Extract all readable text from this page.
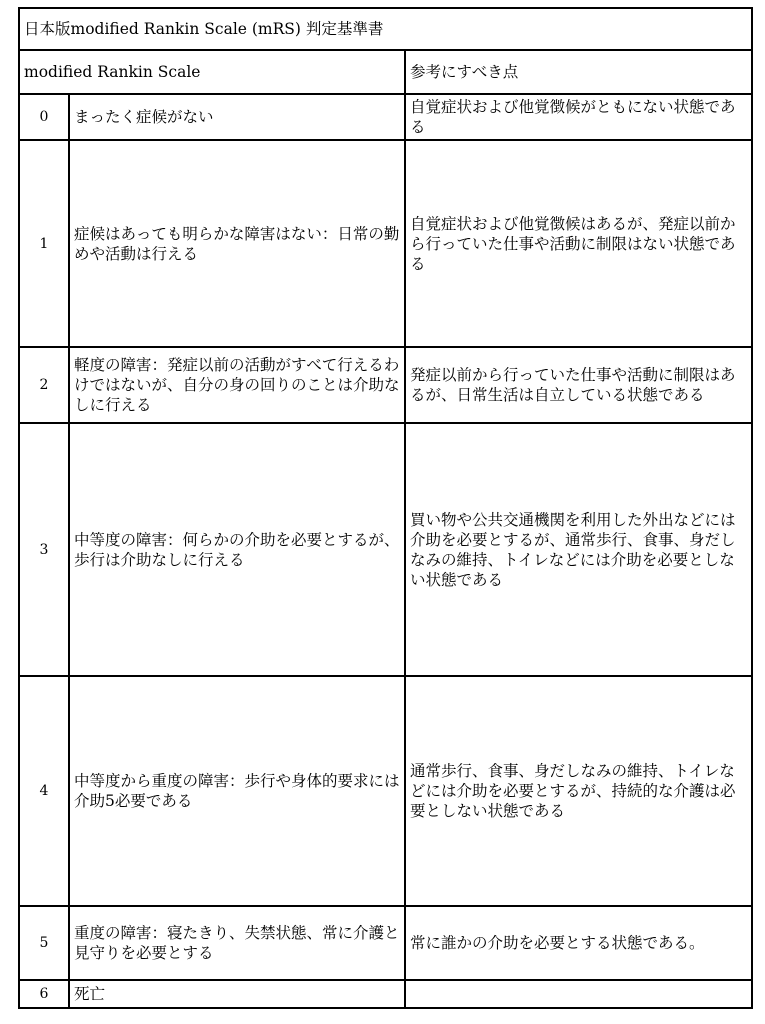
日本版modified Rankin Scale (mRS) 判定基準書		
modified Rankin Scale		参考にすべき点
0	まったく症候がない	自覚症状および他覚徴候がともにない状態である
1	症候はあっても明らかな障害はない：日常の勤めや活動は行える	自覚症状および他覚徴候はあるが、発症以前から行っていた仕事や活動に制限はない状態である
2	軽度の障害：発症以前の活動がすべて行えるわけではないが、自分の身の回りのことは介助なしに行える	発症以前から行っていた仕事や活動に制限はあるが、日常生活は自立している状態である
3	中等度の障害：何らかの介助を必要とするが、歩行は介助なしに行える	買い物や公共交通機関を利用した外出などには介助を必要とするが、通常歩行、食事、身だしなみの維持、トイレなどには介助を必要としない状態である
4	中等度から重度の障害：歩行や身体的要求には介助5必要である	通常歩行、食事、身だしなみの維持、トイレなどには介助を必要とするが、持続的な介護は必要としない状態である
5	重度の障害：寝たきり、失禁状態、常に介護と見守りを必要とする	常に誰かの介助を必要とする状態である。
6	死亡	
